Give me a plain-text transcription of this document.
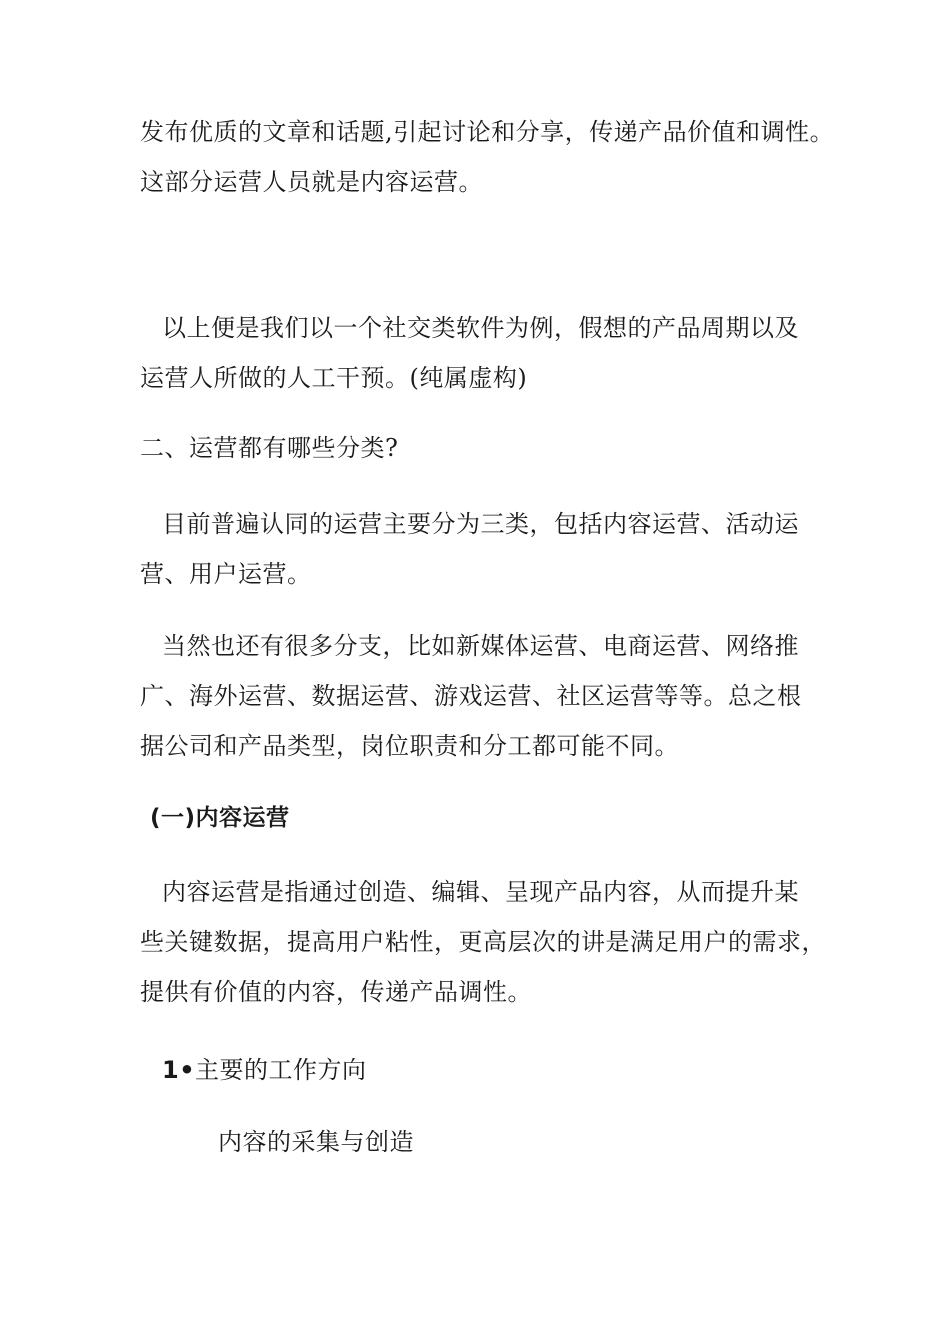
发布优质的文章和话题,引起讨论和分享，传递产品价值和调性。
这部分运营人员就是内容运营。
以上便是我们以一个社交类软件为例，假想的产品周期以及
运营人所做的人工干预。(纯属虚构)
二、运营都有哪些分类?
目前普遍认同的运营主要分为三类，包括内容运营、活动运
营、用户运营。
当然也还有很多分支，比如新媒体运营、电商运营、网络推
广、海外运营、数据运营、游戏运营、社区运营等等。总之根
据公司和产品类型，岗位职责和分工都可能不同。
(一)内容运营
内容运营是指通过创造、编辑、呈现产品内容，从而提升某
些关键数据，提高用户粘性，更高层次的讲是满足用户的需求，
提供有价值的内容，传递产品调性。
1•主要的工作方向
内容的采集与创造
